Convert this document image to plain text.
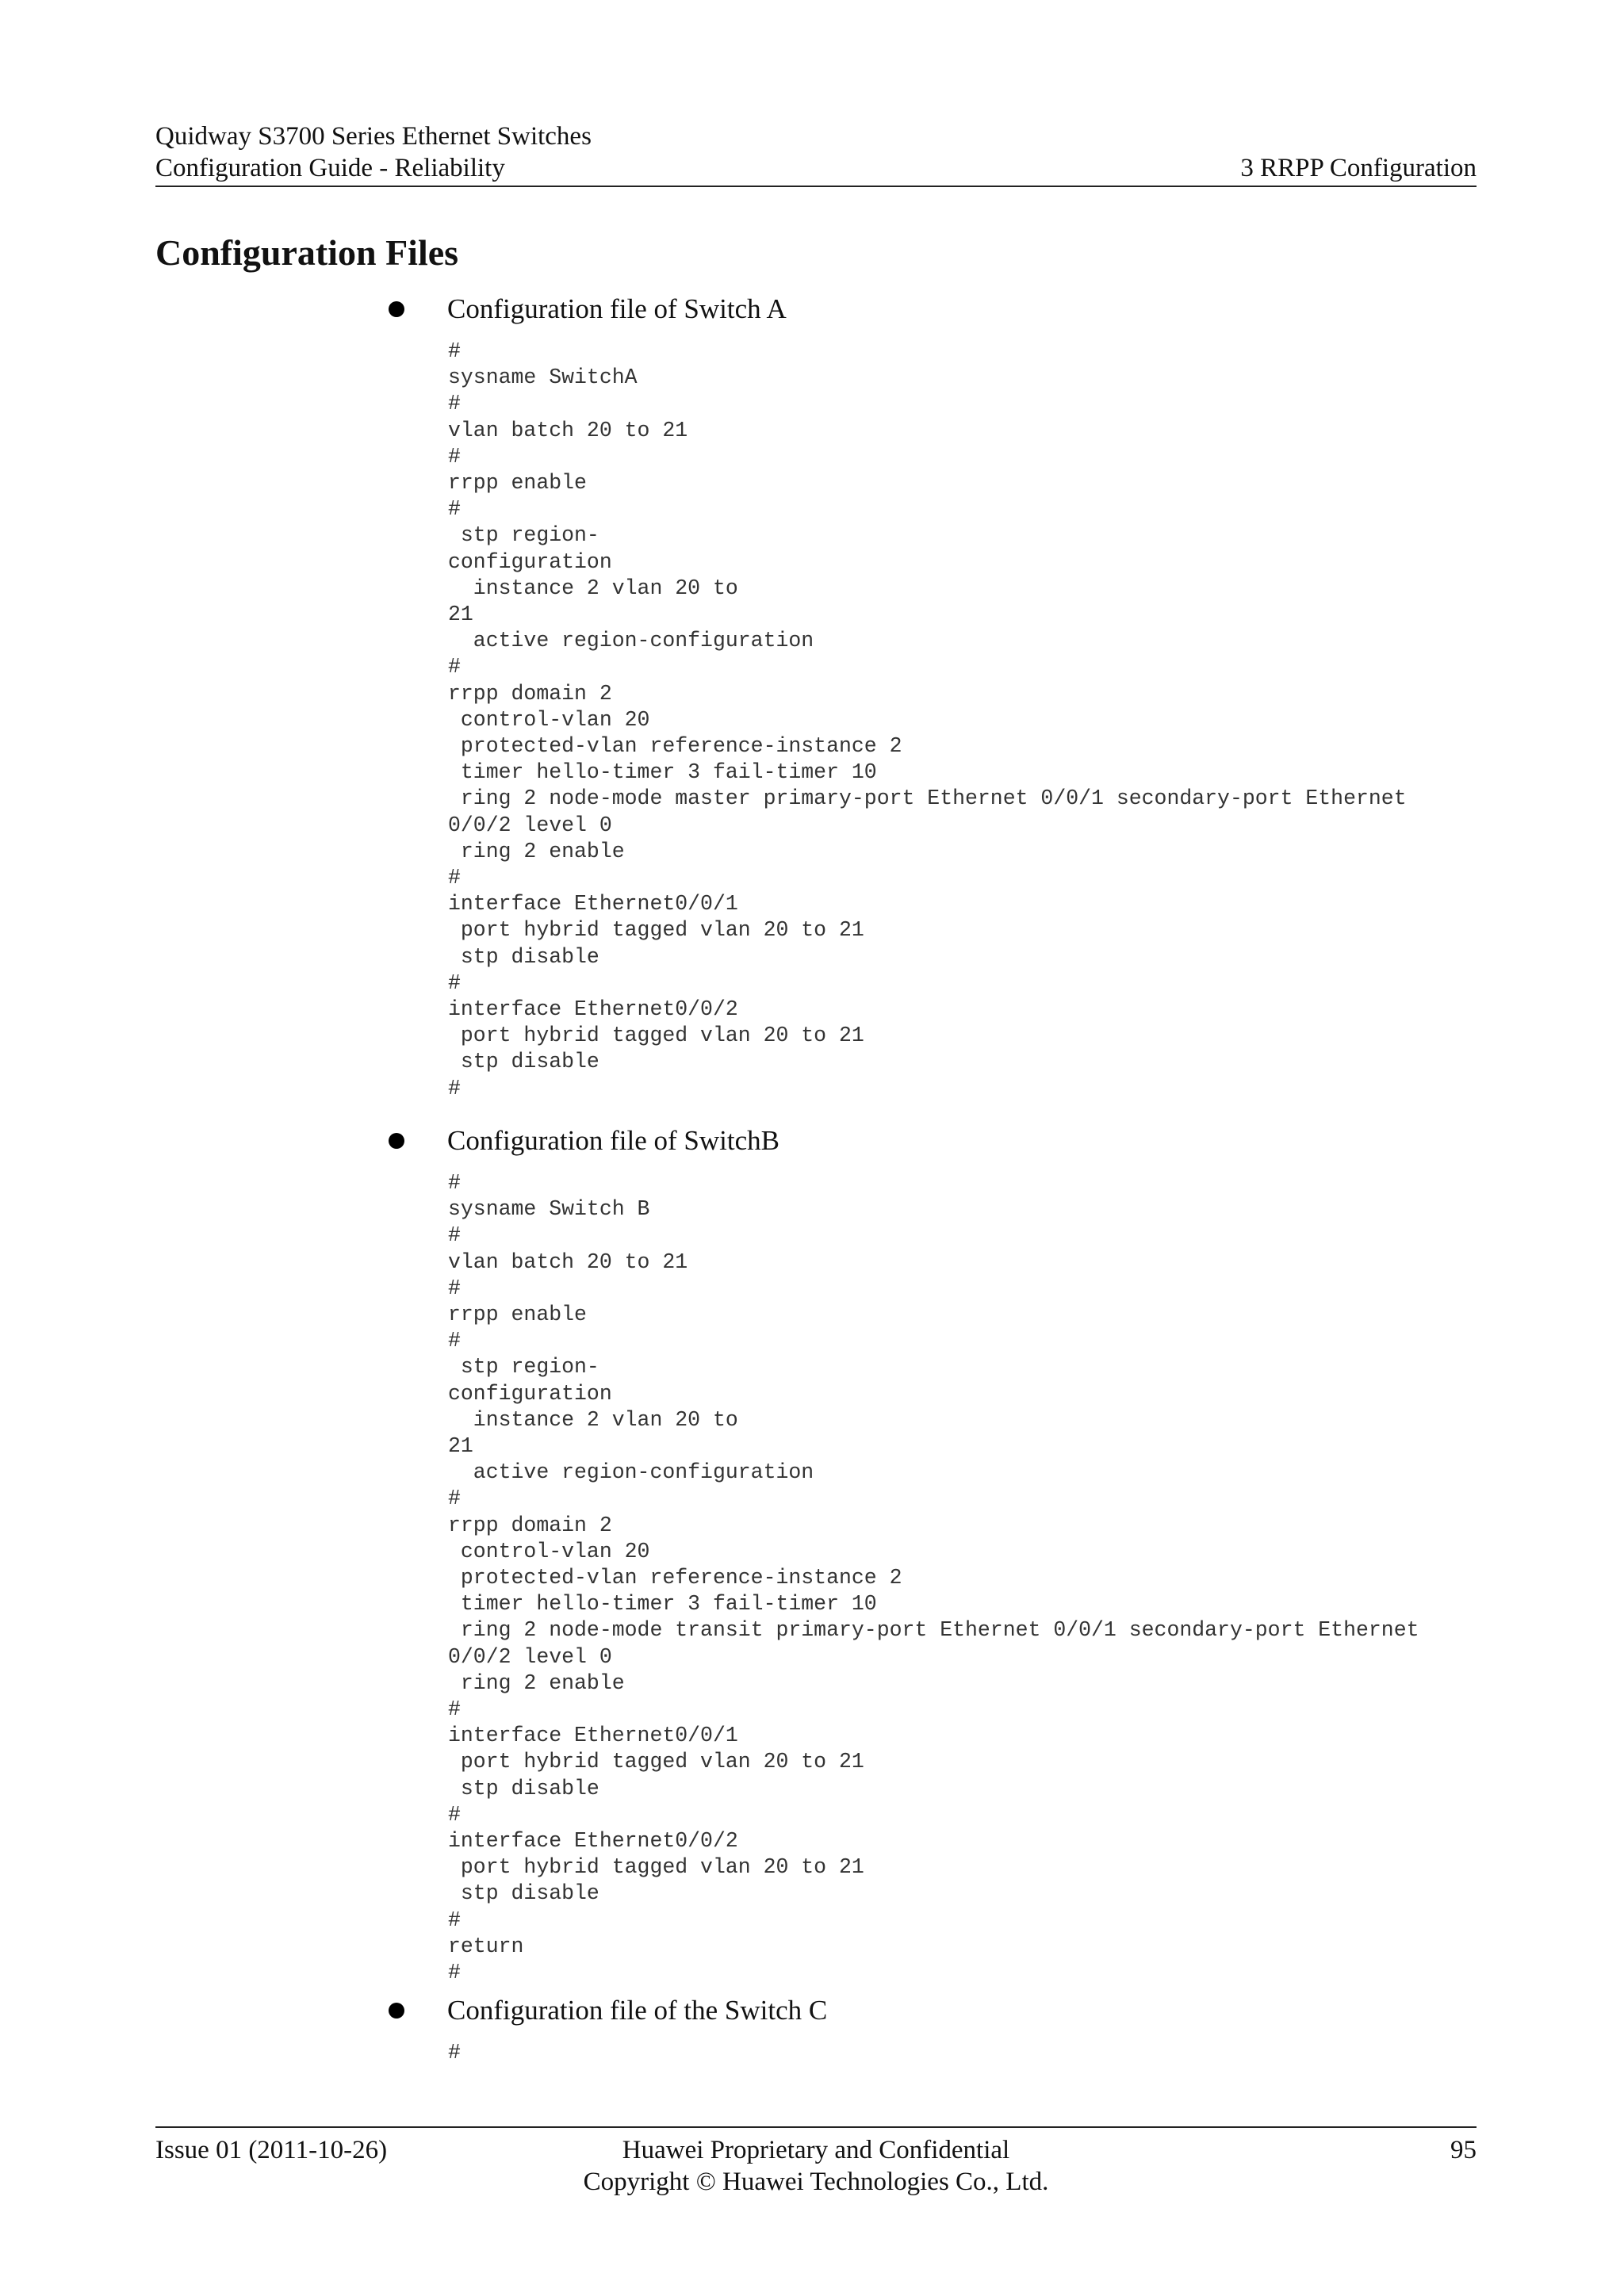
Quidway S3700 Series Ethernet Switches
Configuration Guide - Reliability	3 RRPP Configuration
Configuration Files
Configuration file of Switch A
#
sysname SwitchA
#
vlan batch 20 to 21
#
rrpp enable
#
stp region-
configuration
instance 2 vlan 20 to
21
active region-configuration
#
rrpp domain 2
control-vlan 20
protected-vlan reference-instance 2
timer hello-timer 3 fail-timer 10
ring 2 node-mode master primary-port Ethernet 0/0/1 secondary-port Ethernet
0/0/2 level 0
ring 2 enable
#
interface Ethernet0/0/1
port hybrid tagged vlan 20 to 21
stp disable
#
interface Ethernet0/0/2
port hybrid tagged vlan 20 to 21
stp disable
#
Configuration file of SwitchB
#
sysname Switch B
#
vlan batch 20 to 21
#
rrpp enable
#
stp region-
configuration
instance 2 vlan 20 to
21
active region-configuration
#
rrpp domain 2
control-vlan 20
protected-vlan reference-instance 2
timer hello-timer 3 fail-timer 10
ring 2 node-mode transit primary-port Ethernet 0/0/1 secondary-port Ethernet
0/0/2 level 0
ring 2 enable
#
interface Ethernet0/0/1
port hybrid tagged vlan 20 to 21
stp disable
#
interface Ethernet0/0/2
port hybrid tagged vlan 20 to 21
stp disable
#
return
#
Configuration file of the Switch C
#
Issue 01 (2011-10-26)	Huawei Proprietary and Confidential
Copyright © Huawei Technologies Co., Ltd.
95
